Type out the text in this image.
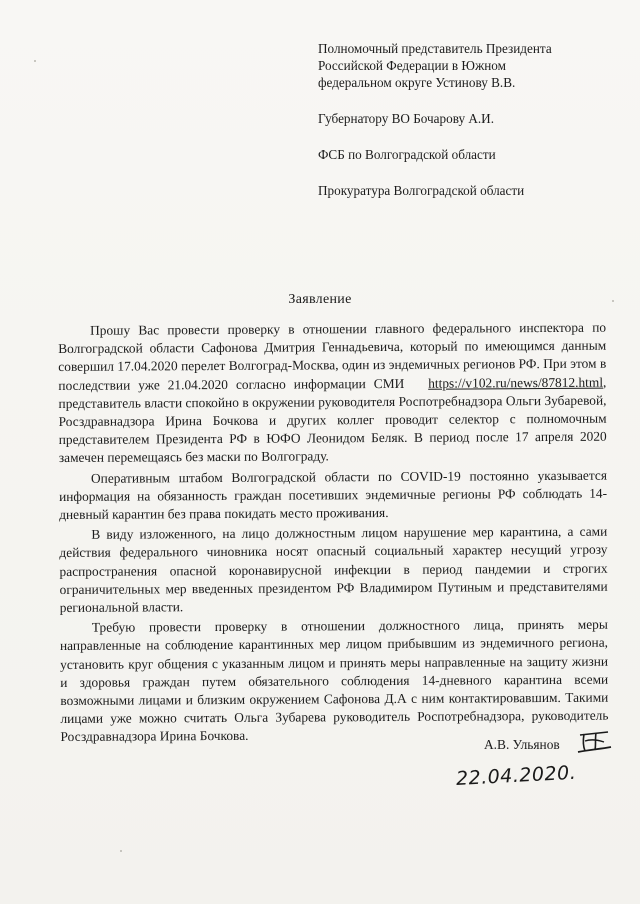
Полномочный представитель Президента
Российской Федерации в Южном
федеральном округе Устинову В.В.
Губернатору ВО Бочарову А.И.
ФСБ по Волгоградской области
Прокуратура Волгоградской области
Заявление

Прошу Вас провести проверку в отношении главного федерального инспектора по Волгоградской области Сафонова Дмитрия Геннадьевича, который по имеющимся данным совершил 17.04.2020 перелет Волгоград-Москва, один из эндемичных регионов РФ. При этом в последствии уже 21.04.2020 согласно информации СМИ https://v102.ru/news/87812.html, представитель власти спокойно в окружении руководителя Роспотребнадзора Ольги Зубаревой, Росздравнадзора Ирина Бочкова и других коллег проводит селектор с полномочным представителем Президента РФ в ЮФО Леонидом Беляк. В период после 17 апреля 2020 замечен перемещаясь без маски по Волгограду.

Оперативным штабом Волгоградской области по COVID-19 постоянно указывается информация на обязанность граждан посетивших эндемичные регионы РФ соблюдать 14-дневный карантин без права покидать место проживания.

В виду изложенного, на лицо должностным лицом нарушение мер карантина, а сами действия федерального чиновника носят опасный социальный характер несущий угрозу распространения опасной коронавирусной инфекции в период пандемии и строгих ограничительных мер введенных президентом РФ Владимиром Путиным и представителями региональной власти.

Требую провести проверку в отношении должностного лица, принять меры направленные на соблюдение карантинных мер лицом прибывшим из эндемичного региона, установить круг общения с указанным лицом и принять меры направленные на защиту жизни и здоровья граждан путем обязательного соблюдения 14-дневного карантина всеми возможными лицами и близким окружением Сафонова Д.А с ним контактировавшим. Такими лицами уже можно считать Ольга Зубарева руководитель Роспотребнадзора, руководитель Росздравнадзора Ирина Бочкова.

А.В. Ульянов
22.04.2020.
